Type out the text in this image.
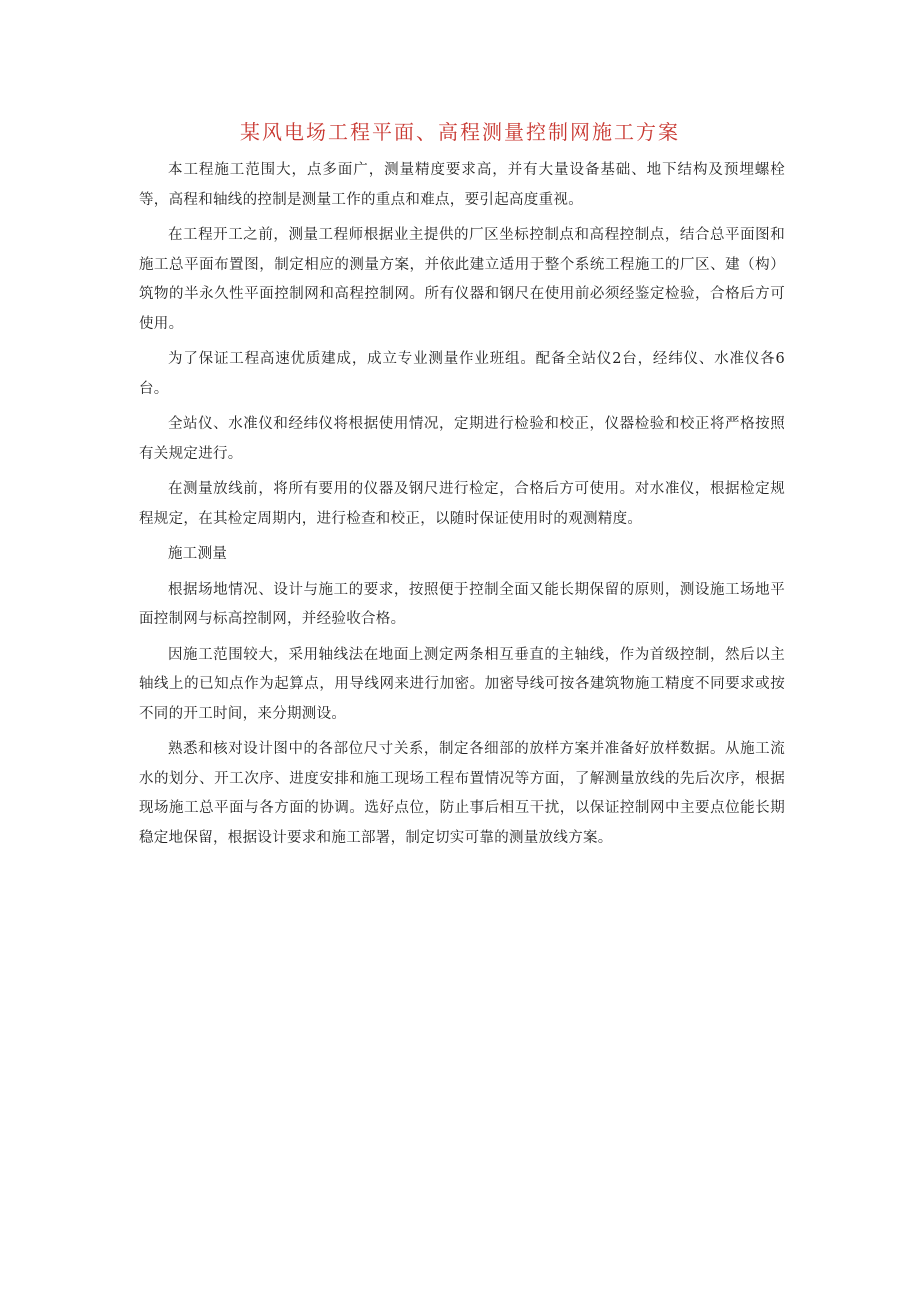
某风电场工程平面、高程测量控制网施工方案

本工程施工范围大，点多面广，测量精度要求高，并有大量设备基础、地下结构及预埋螺栓等，高程和轴线的控制是测量工作的重点和难点，要引起高度重视。

在工程开工之前，测量工程师根据业主提供的厂区坐标控制点和高程控制点，结合总平面图和施工总平面布置图，制定相应的测量方案，并依此建立适用于整个系统工程施工的厂区、建（构）筑物的半永久性平面控制网和高程控制网。所有仪器和钢尺在使用前必须经鉴定检验，合格后方可使用。

为了保证工程高速优质建成，成立专业测量作业班组。配备全站仪2台，经纬仪、水准仪各6台。

全站仪、水准仪和经纬仪将根据使用情况，定期进行检验和校正，仪器检验和校正将严格按照有关规定进行。

在测量放线前，将所有要用的仪器及钢尺进行检定，合格后方可使用。对水准仪，根据检定规程规定，在其检定周期内，进行检查和校正，以随时保证使用时的观测精度。

施工测量

根据场地情况、设计与施工的要求，按照便于控制全面又能长期保留的原则，测设施工场地平面控制网与标高控制网，并经验收合格。

因施工范围较大，采用轴线法在地面上测定两条相互垂直的主轴线，作为首级控制，然后以主轴线上的已知点作为起算点，用导线网来进行加密。加密导线可按各建筑物施工精度不同要求或按不同的开工时间，来分期测设。

熟悉和核对设计图中的各部位尺寸关系，制定各细部的放样方案并准备好放样数据。从施工流水的划分、开工次序、进度安排和施工现场工程布置情况等方面，了解测量放线的先后次序，根据现场施工总平面与各方面的协调。选好点位，防止事后相互干扰，以保证控制网中主要点位能长期稳定地保留，根据设计要求和施工部署，制定切实可靠的测量放线方案。
